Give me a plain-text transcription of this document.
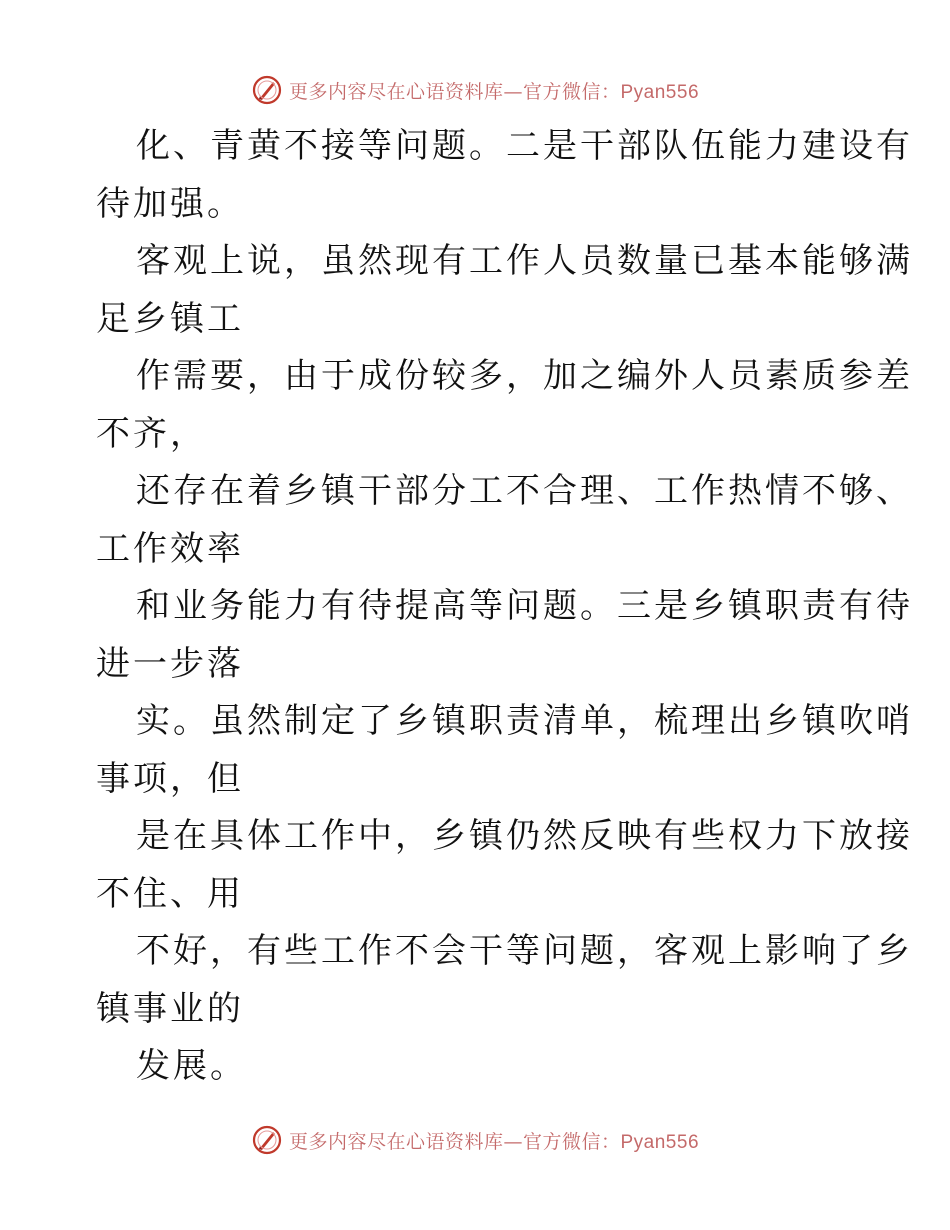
更多内容尽在心语资料库—官方微信：Pyan556
化、青黄不接等问题。二是干部队伍能力建设有
待加强。
客观上说，虽然现有工作人员数量已基本能够满
足乡镇工
作需要，由于成份较多，加之编外人员素质参差
不齐，
还存在着乡镇干部分工不合理、工作热情不够、
工作效率
和业务能力有待提高等问题。三是乡镇职责有待
进一步落
实。虽然制定了乡镇职责清单，梳理出乡镇吹哨
事项，但
是在具体工作中，乡镇仍然反映有些权力下放接
不住、用
不好，有些工作不会干等问题，客观上影响了乡
镇事业的
发展。
更多内容尽在心语资料库—官方微信：Pyan556
